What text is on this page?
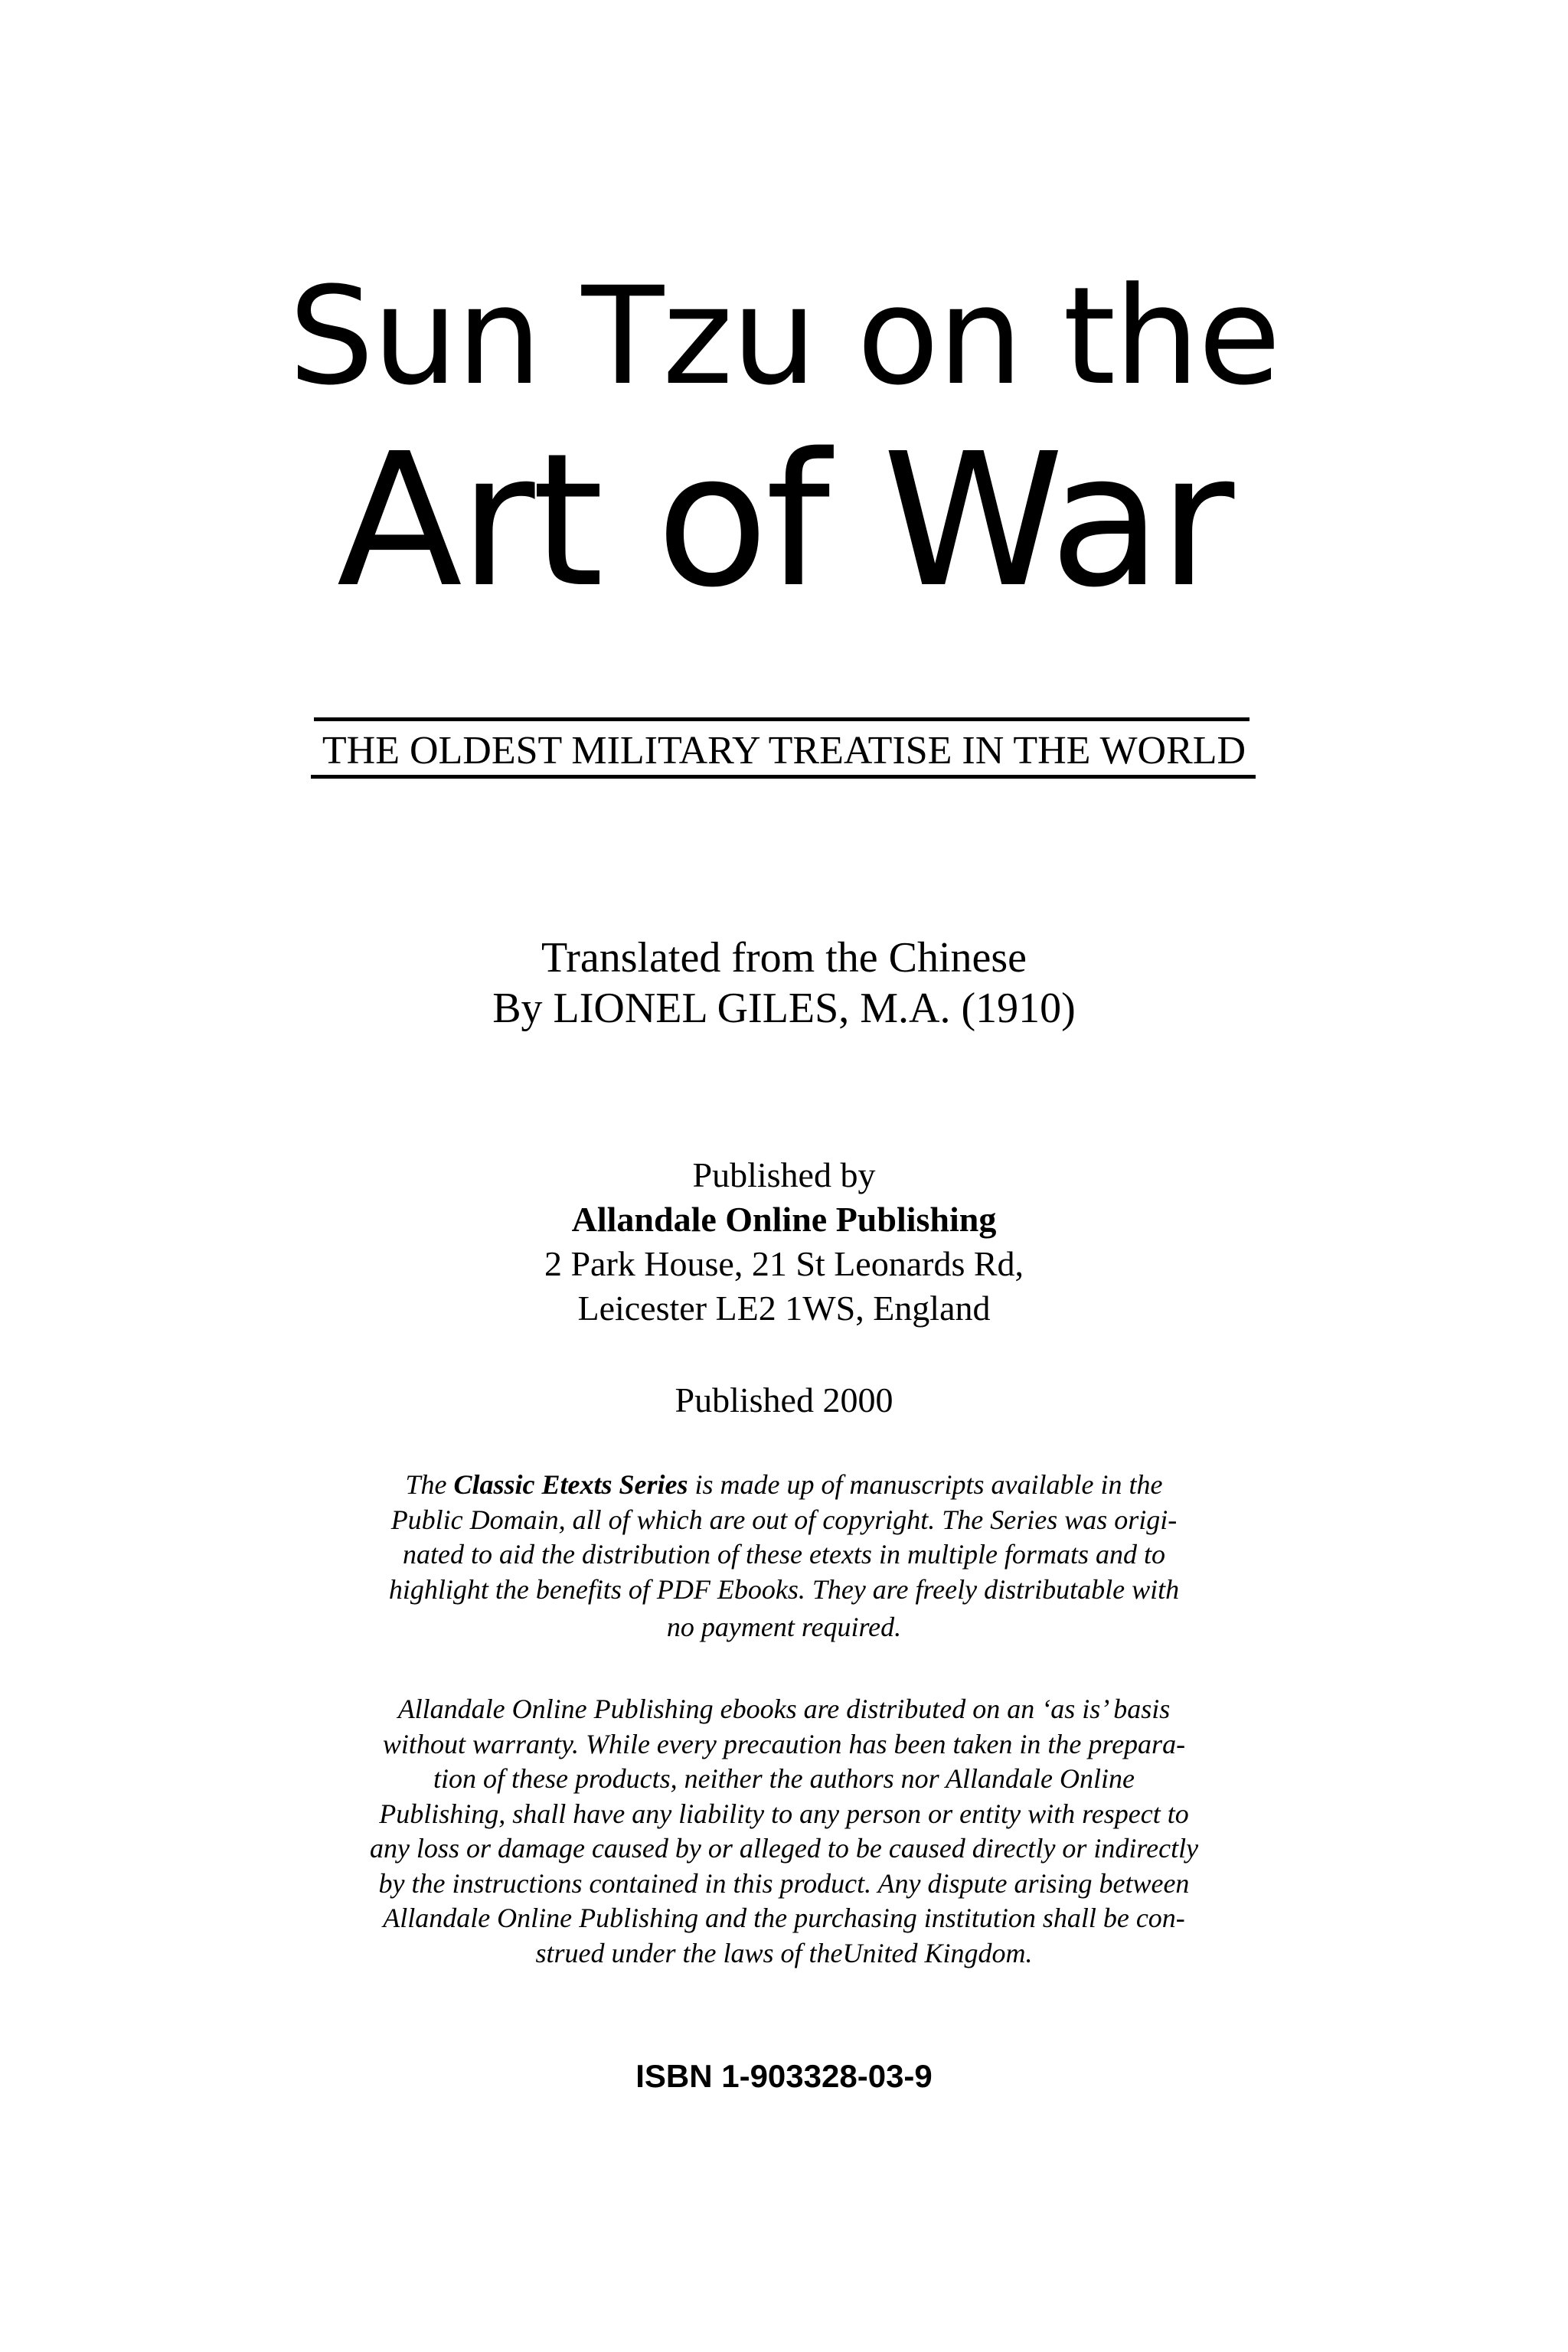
Sun Tzu on the
Art of War
THE OLDEST MILITARY TREATISE IN THE WORLD
Translated from the Chinese
By LIONEL GILES, M.A. (1910)
Published by
Allandale Online Publishing
2 Park House, 21 St Leonards Rd,
Leicester LE2 1WS, England
Published 2000
The Classic Etexts Series is made up of manuscripts available in the
Public Domain, all of which are out of copyright. The Series was origi-
nated to aid the distribution of these etexts in multiple formats and to
highlight the benefits of PDF Ebooks. They are freely distributable with
no payment required.
Allandale Online Publishing ebooks are distributed on an ‘as is’ basis
without warranty. While every precaution has been taken in the prepara-
tion of these products, neither the authors nor Allandale Online
Publishing, shall have any liability to any person or entity with respect to
any loss or damage caused by or alleged to be caused directly or indirectly
by the instructions contained in this product. Any dispute arising between
Allandale Online Publishing and the purchasing institution shall be con-
strued under the laws of theUnited Kingdom.
ISBN 1-903328-03-9
